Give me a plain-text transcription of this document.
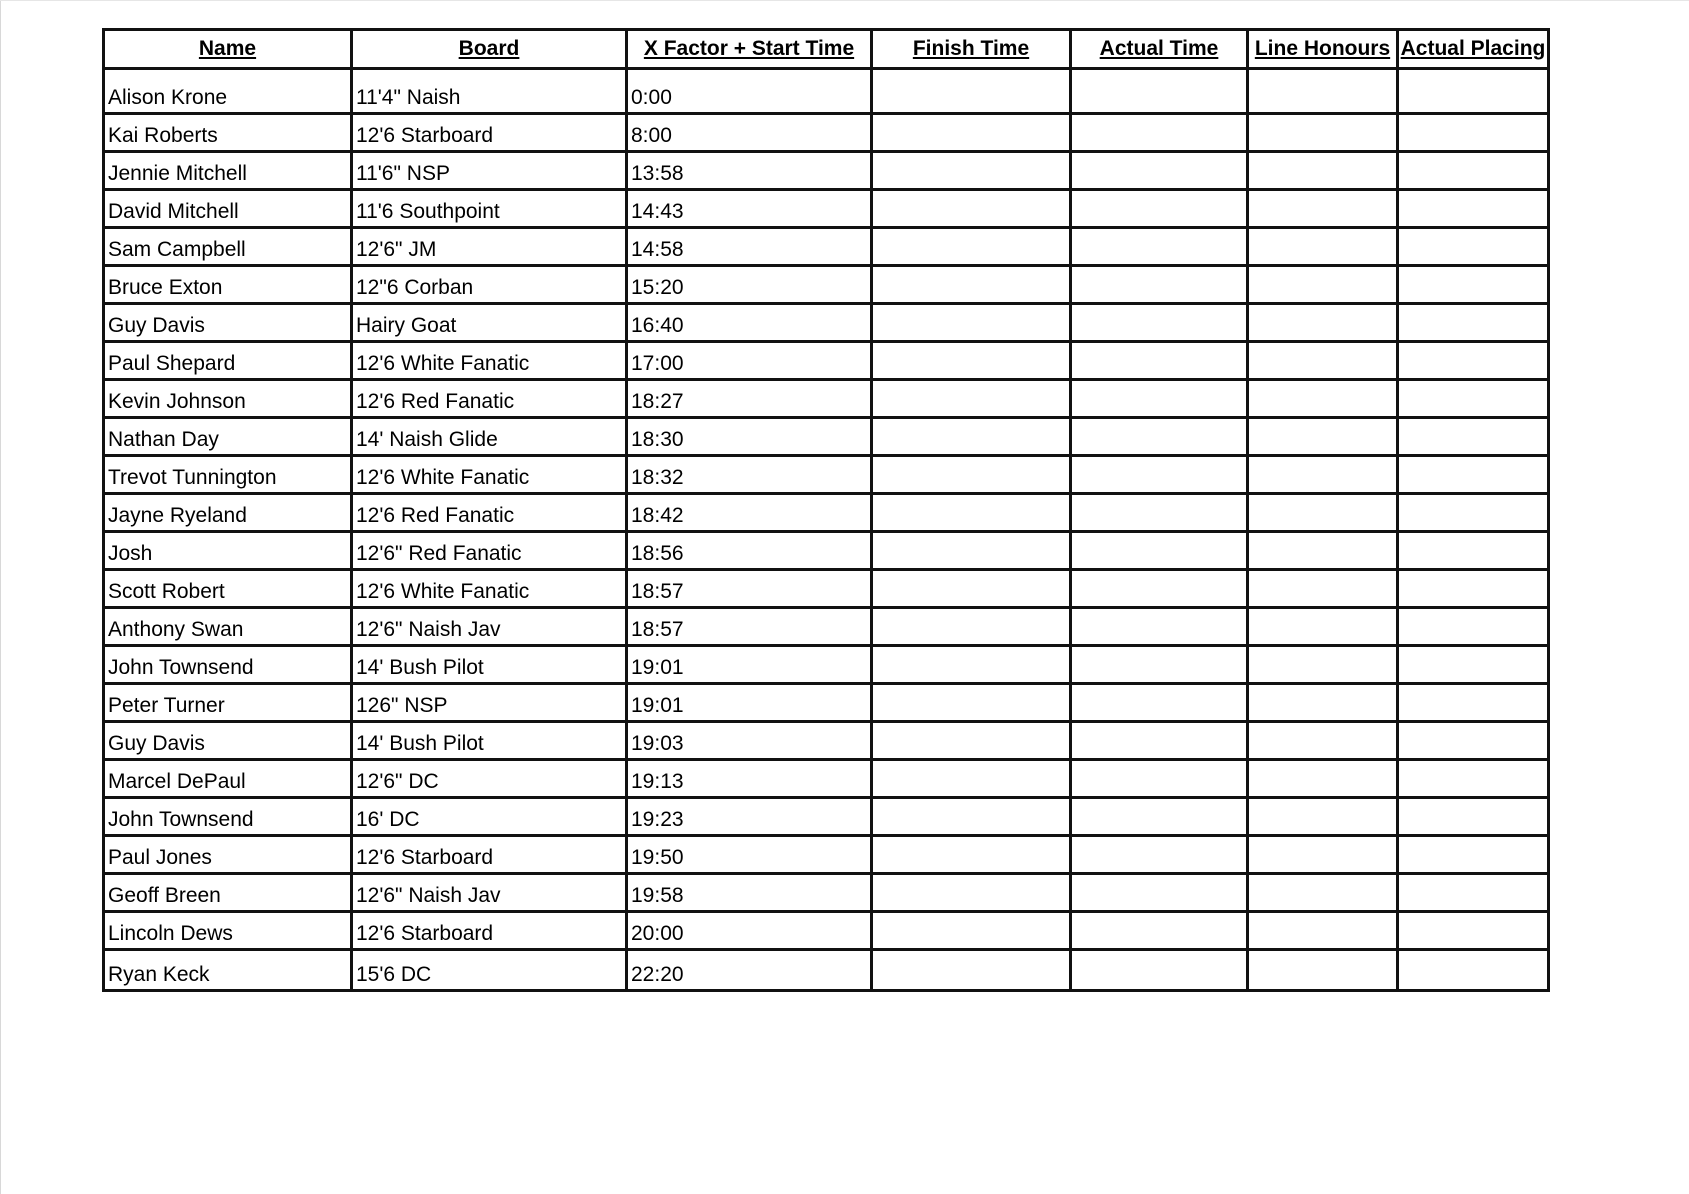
Name	Board	X Factor + Start Time	Finish Time	Actual Time	Line Honours	Actual Placing
Alison Krone	11'4" Naish	0:00				
Kai Roberts	12'6 Starboard	8:00				
Jennie Mitchell	11'6" NSP	13:58				
David Mitchell	11'6 Southpoint	14:43				
Sam Campbell	12'6" JM	14:58				
Bruce Exton	12"6 Corban	15:20				
Guy Davis	Hairy Goat	16:40				
Paul Shepard	12'6 White Fanatic	17:00				
Kevin Johnson	12'6 Red Fanatic	18:27				
Nathan Day	14' Naish Glide	18:30				
Trevot Tunnington	12'6 White Fanatic	18:32				
Jayne Ryeland	12'6 Red Fanatic	18:42				
Josh	12'6" Red Fanatic	18:56				
Scott Robert	12'6 White Fanatic	18:57				
Anthony Swan	12'6" Naish Jav	18:57				
John Townsend	14' Bush Pilot	19:01				
Peter Turner	126" NSP	19:01				
Guy Davis	14' Bush Pilot	19:03				
Marcel DePaul	12'6" DC	19:13				
John Townsend	16' DC	19:23				
Paul Jones	12'6 Starboard	19:50				
Geoff Breen	12'6" Naish Jav	19:58				
Lincoln Dews	12'6 Starboard	20:00				
Ryan Keck	15'6 DC	22:20				
